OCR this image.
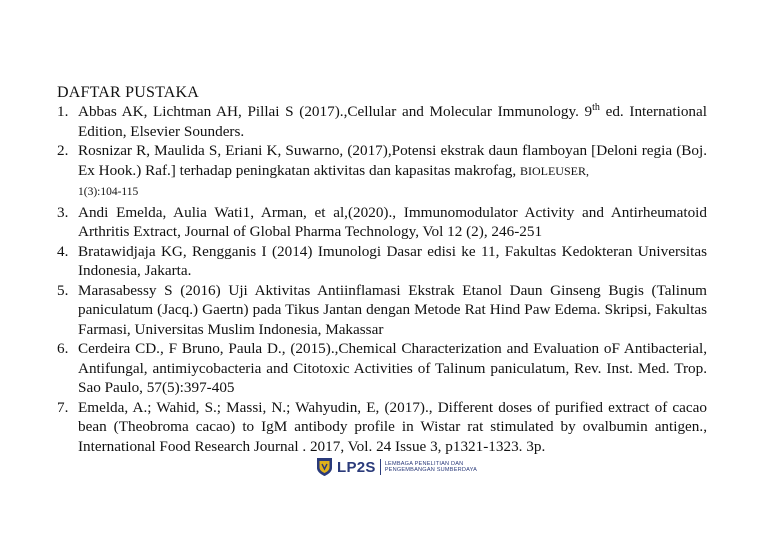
DAFTAR PUSTAKA
1. Abbas AK, Lichtman AH, Pillai S (2017).,Cellular and Molecular Immunology. 9th ed. International Edition, Elsevier Sounders.
2. Rosnizar R, Maulida S, Eriani K, Suwarno, (2017),Potensi ekstrak daun flamboyan [Deloni regia (Boj. Ex Hook.) Raf.] terhadap peningkatan aktivitas dan kapasitas makrofag, BIOLEUSER,
1(3):104-115
3. Andi Emelda, Aulia Wati1, Arman, et al,(2020)., Immunomodulator Activity and Antirheumatoid Arthritis Extract, Journal of Global Pharma Technology, Vol 12 (2), 246-251
4. Bratawidjaja KG, Rengganis I (2014) Imunologi Dasar edisi ke 11, Fakultas Kedokteran Universitas Indonesia, Jakarta.
5. Marasabessy S (2016) Uji Aktivitas Antiinflamasi Ekstrak Etanol Daun Ginseng Bugis (Talinum paniculatum (Jacq.) Gaertn) pada Tikus Jantan dengan Metode Rat Hind Paw Edema. Skripsi, Fakultas Farmasi, Universitas Muslim Indonesia, Makassar
6. Cerdeira CD., F Bruno, Paula D., (2015).,Chemical Characterization and Evaluation oF Antibacterial, Antifungal, antimiycobacteria and Citotoxic Activities of Talinum paniculatum, Rev. Inst. Med. Trop. Sao Paulo, 57(5):397-405
7. Emelda, A.; Wahid, S.; Massi, N.; Wahyudin, E, (2017)., Different doses of purified extract of cacao bean (Theobroma cacao) to IgM antibody profile in Wistar rat stimulated by ovalbumin antigen., International Food Research Journal . 2017, Vol. 24 Issue 3, p1321-1323. 3p.
LP2S LEMBAGA PENELITIAN DAN
PENGEMBANGAN SUMBERDAYA
